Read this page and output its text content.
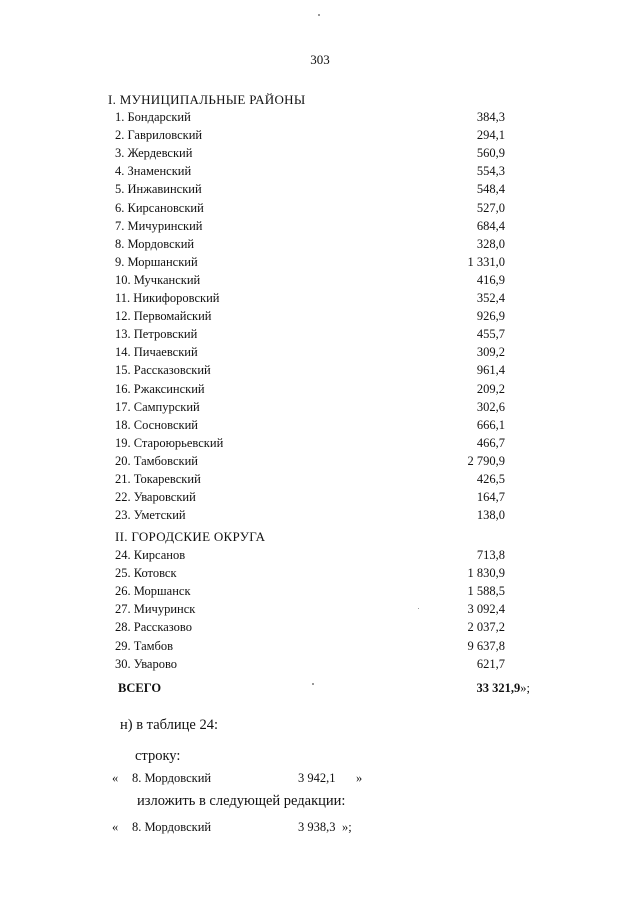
303
I. МУНИЦИПАЛЬНЫЕ РАЙОНЫ
1. Бондарский	384,3
2. Гавриловский	294,1
3. Жердевский	560,9
4. Знаменский	554,3
5. Инжавинский	548,4
6. Кирсановский	527,0
7. Мичуринский	684,4
8. Мордовский	328,0
9. Моршанский	1 331,0
10. Мучканский	416,9
11. Никифоровский	352,4
12. Первомайский	926,9
13. Петровский	455,7
14. Пичаевский	309,2
15. Рассказовский	961,4
16. Ржаксинский	209,2
17. Сампурский	302,6
18. Сосновский	666,1
19. Староюрьевский	466,7
20. Тамбовский	2 790,9
21. Токаревский	426,5
22. Уваровский	164,7
23. Уметский	138,0
II. ГОРОДСКИЕ ОКРУГА
24. Кирсанов	713,8
25. Котовск	1 830,9
26. Моршанск	1 588,5
27. Мичуринск	3 092,4
28. Рассказово	2 037,2
29. Тамбов	9 637,8
30. Уварово	621,7
ВСЕГО	33 321,9»;
н) в таблице 24:
строку:
« 8. Мордовский	3 942,1 »
изложить в следующей редакции:
« 8. Мордовский	3 938,3 »;
